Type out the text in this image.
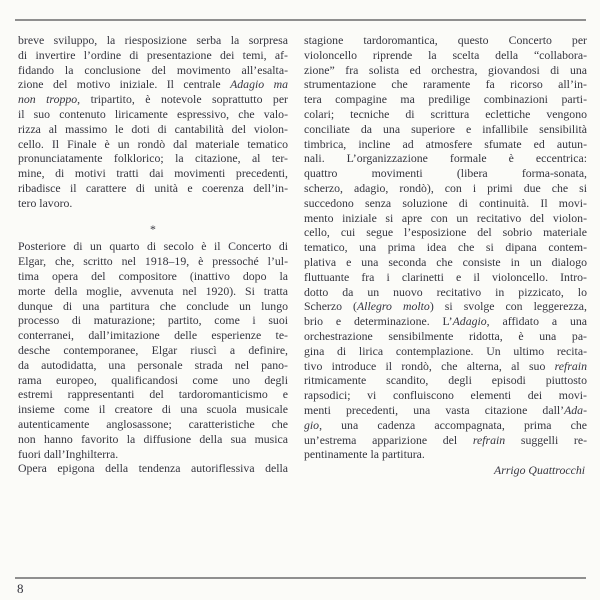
breve sviluppo, la riesposizione serba la sorpresa
di invertire l’ordine di presentazione dei temi, af-
fidando la conclusione del movimento all’esalta-
zione del motivo iniziale. Il centrale Adagio ma
non troppo, tripartito, è notevole soprattutto per
il suo contenuto liricamente espressivo, che valo-
rizza al massimo le doti di cantabilità del violon-
cello. Il Finale è un rondò dal materiale tematico
pronunciatamente folklorico; la citazione, al ter-
mine, di motivi tratti dai movimenti precedenti,
ribadisce il carattere di unità e coerenza dell’in-
tero lavoro.
*
Posteriore di un quarto di secolo è il Concerto di
Elgar, che, scritto nel 1918–19, è pressoché l’ul-
tima opera del compositore (inattivo dopo la
morte della moglie, avvenuta nel 1920). Si tratta
dunque di una partitura che conclude un lungo
processo di maturazione; partito, come i suoi
conterranei, dall’imitazione delle esperienze te-
desche contemporanee, Elgar riuscì a definire,
da autodidatta, una personale strada nel pano-
rama europeo, qualificandosi come uno degli
estremi rappresentanti del tardoromanticismo e
insieme come il creatore di una scuola musicale
autenticamente anglosassone; caratteristiche che
non hanno favorito la diffusione della sua musica
fuori dall’Inghilterra.
Opera epigona della tendenza autoriflessiva della
stagione tardoromantica, questo Concerto per
violoncello riprende la scelta della “collabora-
zione” fra solista ed orchestra, giovandosi di una
strumentazione che raramente fa ricorso all’in-
tera compagine ma predilige combinazioni parti-
colari; tecniche di scrittura eclettiche vengono
conciliate da una superiore e infallibile sensibilità
timbrica, incline ad atmosfere sfumate ed autun-
nali. L’organizzazione formale è eccentrica:
quattro movimenti (libera forma-sonata,
scherzo, adagio, rondò), con i primi due che si
succedono senza soluzione di continuità. Il movi-
mento iniziale si apre con un recitativo del violon-
cello, cui segue l’esposizione del sobrio materiale
tematico, una prima idea che si dipana contem-
plativa e una seconda che consiste in un dialogo
fluttuante fra i clarinetti e il violoncello. Intro-
dotto da un nuovo recitativo in pizzicato, lo
Scherzo (Allegro molto) si svolge con leggerezza,
brio e determinazione. L’Adagio, affidato a una
orchestrazione sensibilmente ridotta, è una pa-
gina di lirica contemplazione. Un ultimo recita-
tivo introduce il rondò, che alterna, al suo refrain
ritmicamente scandito, degli episodi piuttosto
rapsodici; vi confluiscono elementi dei movi-
menti precedenti, una vasta citazione dall’Ada-
gio, una cadenza accompagnata, prima che
un’estrema apparizione del refrain suggelli re-
pentinamente la partitura.
Arrigo Quattrocchi
8
